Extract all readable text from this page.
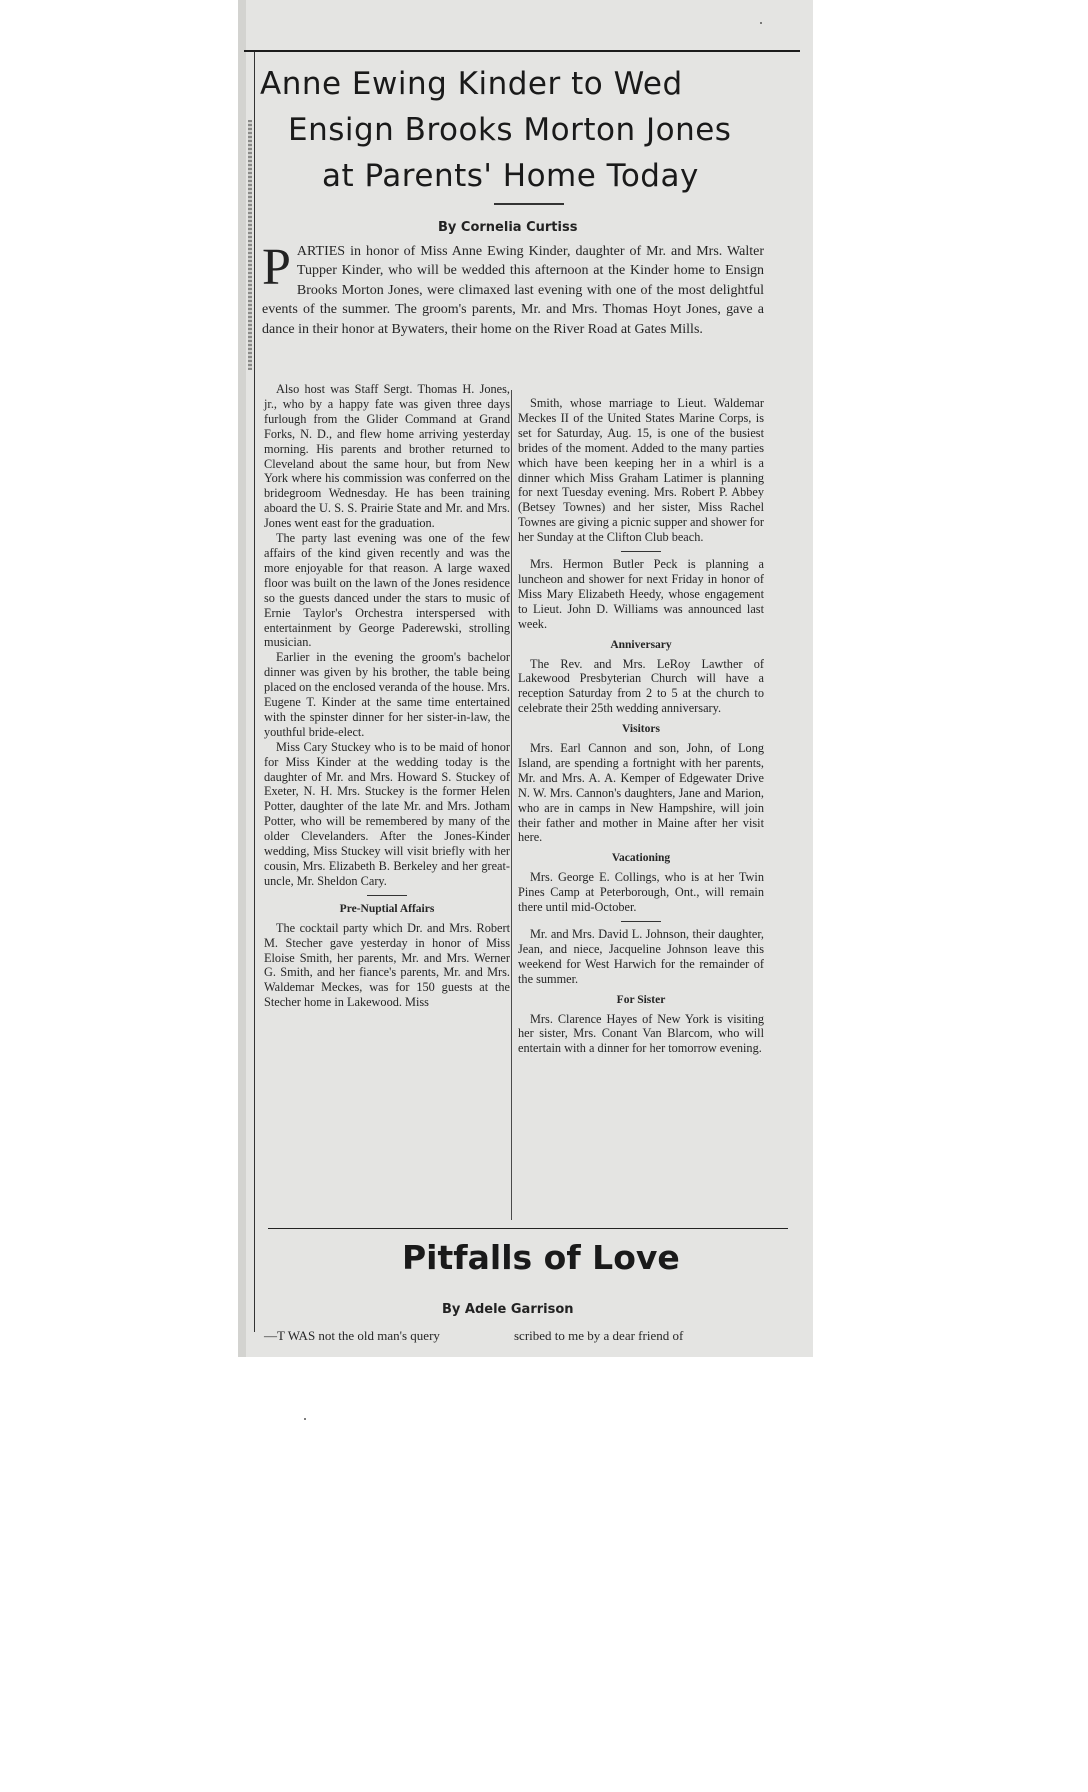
Anne Ewing Kinder to Wed
Ensign Brooks Morton Jones
at Parents' Home Today
By Cornelia Curtiss

PARTIES in honor of Miss Anne Ewing Kinder, daughter of Mr. and Mrs. Walter Tupper Kinder, who will be wedded this afternoon at the Kinder home to Ensign Brooks Morton Jones, were climaxed last evening with one of the most delightful events of the summer. The groom's parents, Mr. and Mrs. Thomas Hoyt Jones, gave a dance in their honor at Bywaters, their home on the River Road at Gates Mills.

Also host was Staff Sergt. Thomas H. Jones, jr., who by a happy fate was given three days furlough from the Glider Command at Grand Forks, N. D., and flew home arriving yesterday morning. His parents and brother returned to Cleveland about the same hour, but from New York where his commission was conferred on the bridegroom Wednesday. He has been training aboard the U. S. S. Prairie State and Mr. and Mrs. Jones went east for the graduation.

The party last evening was one of the few affairs of the kind given recently and was the more enjoyable for that reason. A large waxed floor was built on the lawn of the Jones residence so the guests danced under the stars to music of Ernie Taylor's Orchestra interspersed with entertainment by George Paderewski, strolling musician.

Earlier in the evening the groom's bachelor dinner was given by his brother, the table being placed on the enclosed veranda of the house. Mrs. Eugene T. Kinder at the same time entertained with the spinster dinner for her sister-in-law, the youthful bride-elect.

Miss Cary Stuckey who is to be maid of honor for Miss Kinder at the wedding today is the daughter of Mr. and Mrs. Howard S. Stuckey of Exeter, N. H. Mrs. Stuckey is the former Helen Potter, daughter of the late Mr. and Mrs. Jotham Potter, who will be remembered by many of the older Clevelanders. After the Jones-Kinder wedding, Miss Stuckey will visit briefly with her cousin, Mrs. Elizabeth B. Berkeley and her great-uncle, Mr. Sheldon Cary.

Pre-Nuptial Affairs

The cocktail party which Dr. and Mrs. Robert M. Stecher gave yesterday in honor of Miss Eloise Smith, her parents, Mr. and Mrs. Werner G. Smith, and her fiance's parents, Mr. and Mrs. Waldemar Meckes, was for 150 guests at the Stecher home in Lakewood. Miss

Smith, whose marriage to Lieut. Waldemar Meckes II of the United States Marine Corps, is set for Saturday, Aug. 15, is one of the busiest brides of the moment. Added to the many parties which have been keeping her in a whirl is a dinner which Miss Graham Latimer is planning for next Tuesday evening. Mrs. Robert P. Abbey (Betsey Townes) and her sister, Miss Rachel Townes are giving a picnic supper and shower for her Sunday at the Clifton Club beach.

Mrs. Hermon Butler Peck is planning a luncheon and shower for next Friday in honor of Miss Mary Elizabeth Heedy, whose engagement to Lieut. John D. Williams was announced last week.

Anniversary

The Rev. and Mrs. LeRoy Lawther of Lakewood Presbyterian Church will have a reception Saturday from 2 to 5 at the church to celebrate their 25th wedding anniversary.

Visitors

Mrs. Earl Cannon and son, John, of Long Island, are spending a fortnight with her parents, Mr. and Mrs. A. A. Kemper of Edgewater Drive N. W. Mrs. Cannon's daughters, Jane and Marion, who are in camps in New Hampshire, will join their father and mother in Maine after her visit here.

Vacationing

Mrs. George E. Collings, who is at her Twin Pines Camp at Peterborough, Ont., will remain there until mid-October.

Mr. and Mrs. David L. Johnson, their daughter, Jean, and niece, Jacqueline Johnson leave this weekend for West Harwich for the remainder of the summer.

For Sister

Mrs. Clarence Hayes of New York is visiting her sister, Mrs. Conant Van Blarcom, who will entertain with a dinner for her tomorrow evening.

Pitfalls of Love
By Adele Garrison
—T WAS not the old man's query	scribed to me by a dear friend of
